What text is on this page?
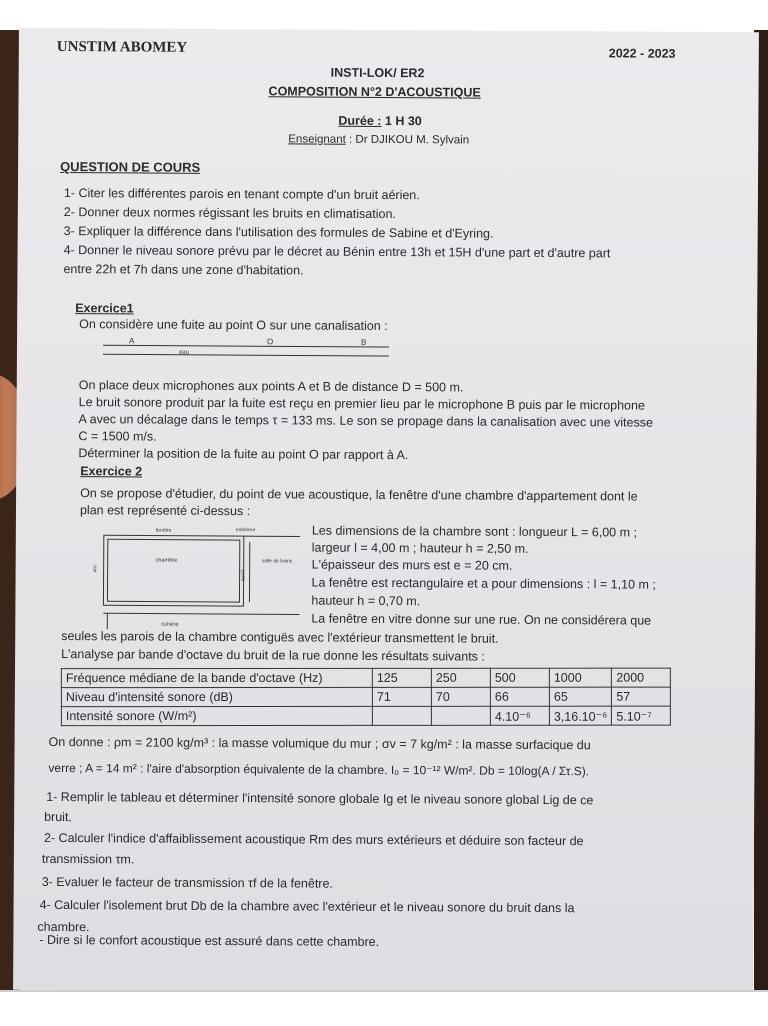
UNSTIM ABOMEY	2022 - 2023
INSTI-LOK/ ER2
COMPOSITION N°2 D'ACOUSTIQUE
Durée : 1 H 30
Enseignant : Dr DJIKOU M. Sylvain
QUESTION DE COURS
1- Citer les différentes parois en tenant compte d'un bruit aérien.
2- Donner deux normes régissant les bruits en climatisation.
3- Expliquer la différence dans l'utilisation des formules de Sabine et d'Eyring.
4- Donner le niveau sonore prévu par le décret au Bénin entre 13h et 15H d'une part et d'autre part
entre 22h et 7h dans une zone d'habitation.
Exercice1
On considère une fuite au point O sur une canalisation :
A	O	B
eau
On place deux microphones aux points A et B de distance D = 500 m.
Le bruit sonore produit par la fuite est reçu en premier lieu par le microphone B puis par le microphone
A avec un décalage dans le temps τ = 133 ms. Le son se propage dans la canalisation avec une vitesse
C = 1500 m/s.
Déterminer la position de la fuite au point O par rapport à A.
Exercice 2
On se propose d'étudier, du point de vue acoustique, la fenêtre d'une chambre d'appartement dont le
plan est représenté ci-dessus :
fenêtre	extérieur
chambre	salle de bains
porte
cuisine
rue
Les dimensions de la chambre sont : longueur L = 6,00 m ;
largeur l = 4,00 m ; hauteur h = 2,50 m.
L'épaisseur des murs est e = 20 cm.
La fenêtre est rectangulaire et a pour dimensions : l = 1,10 m ;
hauteur h = 0,70 m.
La fenêtre en vitre donne sur une rue. On ne considérera que
seules les parois de la chambre contiguës avec l'extérieur transmettent le bruit.
L'analyse par bande d'octave du bruit de la rue donne les résultats suivants :
Fréquence médiane de la bande d'octave (Hz)	125	250	500	1000	2000
Niveau d'intensité sonore (dB)	71	70	66	65	57
Intensité sonore (W/m²)			4.10⁻⁶	3,16.10⁻⁶	5.10⁻⁷
On donne : ρm = 2100 kg/m³ : la masse volumique du mur ; σv = 7 kg/m² : la masse surfacique du
verre ; A = 14 m² : l'aire d'absorption équivalente de la chambre. I₀ = 10⁻¹² W/m². Db = 10log(A / Στ.S).
1- Remplir le tableau et déterminer l'intensité sonore globale Ig et le niveau sonore global Lig de ce
bruit.
2- Calculer l'indice d'affaiblissement acoustique Rm des murs extérieurs et déduire son facteur de
transmission τm.
3- Evaluer le facteur de transmission τf de la fenêtre.
4- Calculer l'isolement brut Db de la chambre avec l'extérieur et le niveau sonore du bruit dans la
chambre.
- Dire si le confort acoustique est assuré dans cette chambre.
